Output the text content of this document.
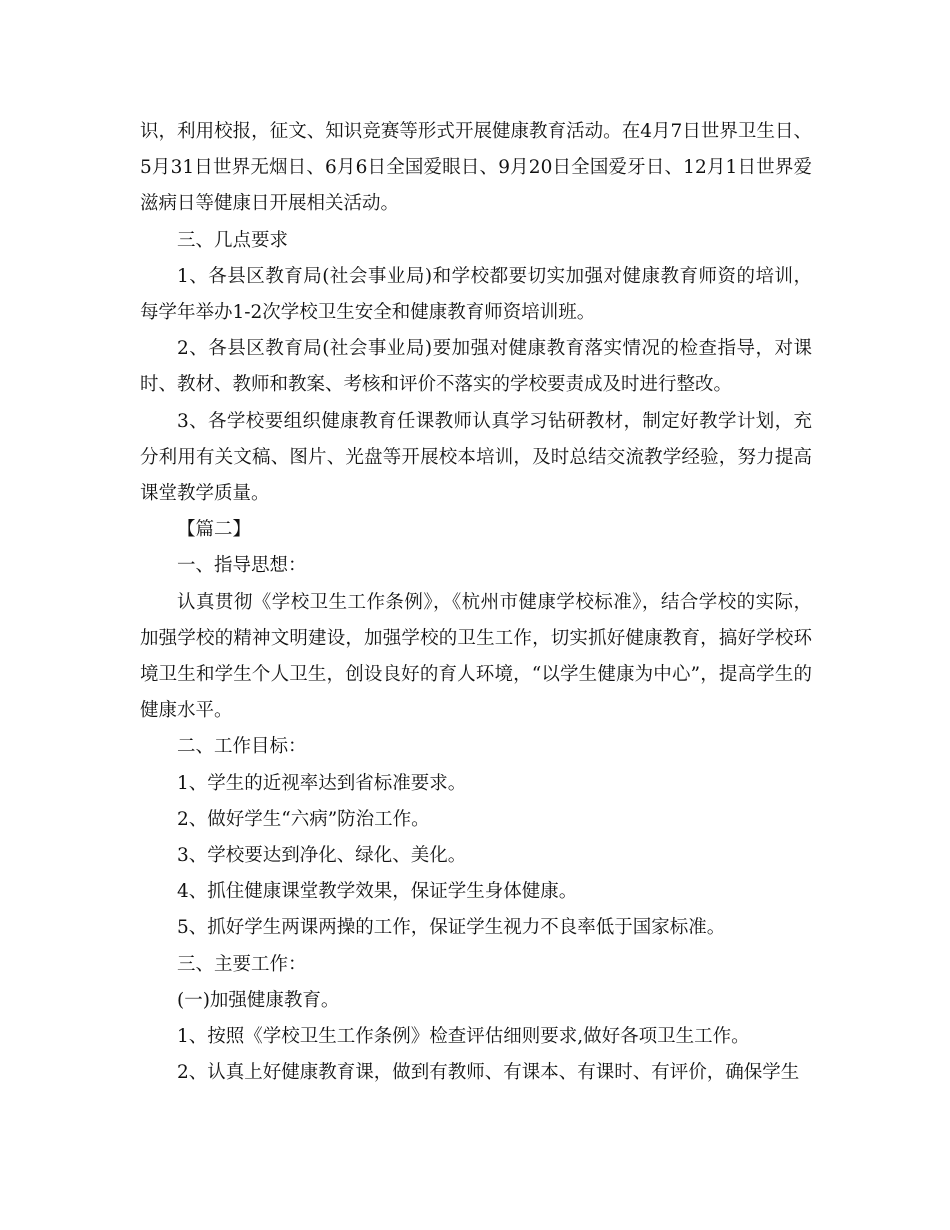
识，利用校报，征文、知识竞赛等形式开展健康教育活动。在4月7日世界卫生日、5月31日世界无烟日、6月6日全国爱眼日、9月20日全国爱牙日、12月1日世界爱滋病日等健康日开展相关活动。

三、几点要求

1、各县区教育局(社会事业局)和学校都要切实加强对健康教育师资的培训，每学年举办1-2次学校卫生安全和健康教育师资培训班。

2、各县区教育局(社会事业局)要加强对健康教育落实情况的检查指导，对课时、教材、教师和教案、考核和评价不落实的学校要责成及时进行整改。

3、各学校要组织健康教育任课教师认真学习钻研教材，制定好教学计划，充分利用有关文稿、图片、光盘等开展校本培训，及时总结交流教学经验，努力提高课堂教学质量。

【篇二】

一、指导思想：

认真贯彻《学校卫生工作条例》，《杭州市健康学校标准》，结合学校的实际，加强学校的精神文明建设，加强学校的卫生工作，切实抓好健康教育，搞好学校环境卫生和学生个人卫生，创设良好的育人环境，“以学生健康为中心”，提高学生的健康水平。

二、工作目标：

1、学生的近视率达到省标准要求。

2、做好学生“六病”防治工作。

3、学校要达到净化、绿化、美化。

4、抓住健康课堂教学效果，保证学生身体健康。

5、抓好学生两课两操的工作，保证学生视力不良率低于国家标准。

三、主要工作：

(一)加强健康教育。

1、按照《学校卫生工作条例》检查评估细则要求,做好各项卫生工作。

2、认真上好健康教育课，做到有教师、有课本、有课时、有评价，确保学生
